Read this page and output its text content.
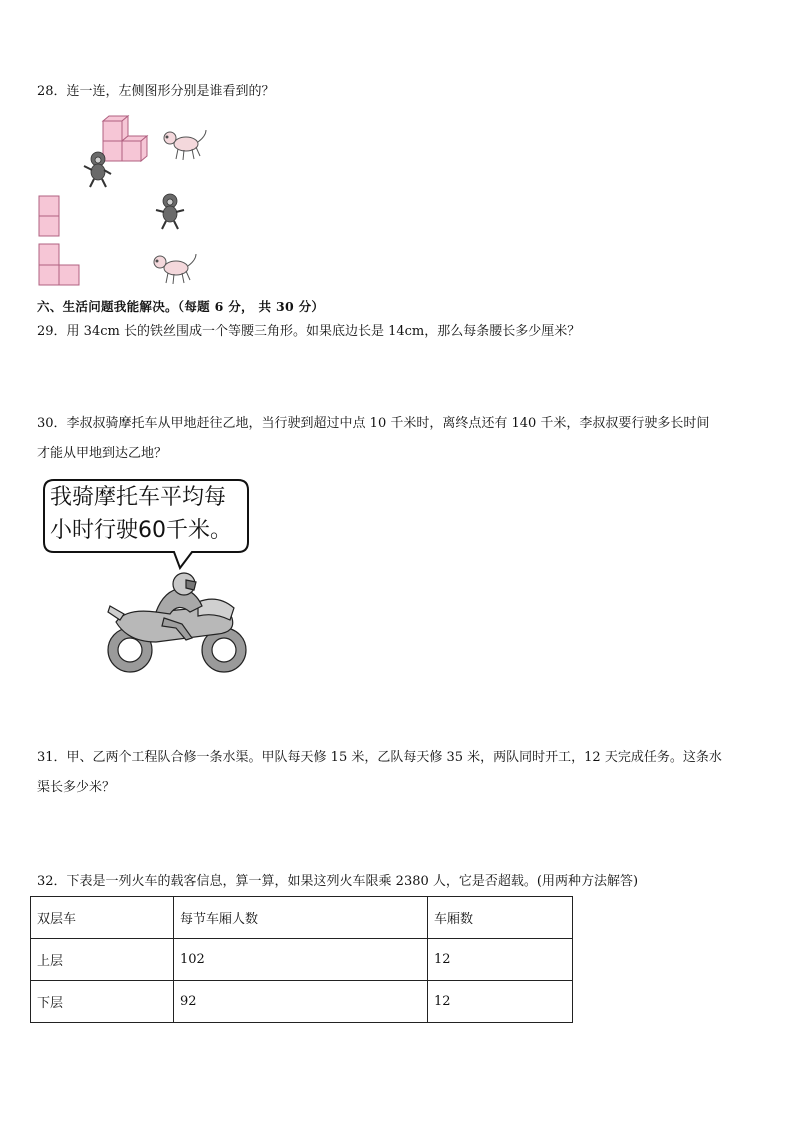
28．连一连，左侧图形分别是谁看到的？
六、生活问题我能解决。（每题 6 分， 共 30 分）
29．用 34cm 长的铁丝围成一个等腰三角形。如果底边长是 14cm，那么每条腰长多少厘米？
30．李叔叔骑摩托车从甲地赶往乙地，当行驶到超过中点 10 千米时，离终点还有 140 千米，李叔叔要行驶多长时间
才能从甲地到达乙地？
我骑摩托车平均每
小时行驶60千米。
31．甲、乙两个工程队合修一条水渠。甲队每天修 15 米，乙队每天修 35 米，两队同时开工，12 天完成任务。这条水
渠长多少米？
32．下表是一列火车的载客信息，算一算，如果这列火车限乘 2380 人，它是否超载。(用两种方法解答)
双层车	每节车厢人数	车厢数
上层	102	12
下层	92	12
